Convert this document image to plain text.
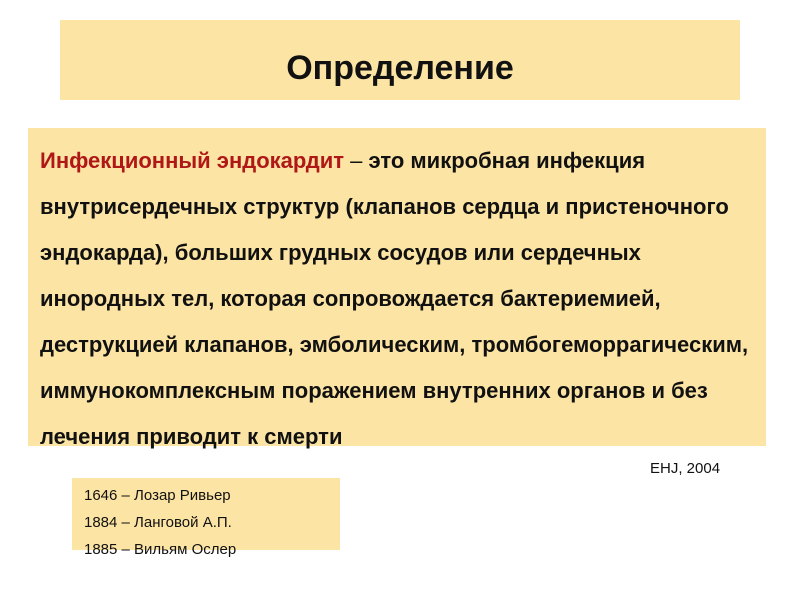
Определение
Инфекционный эндокардит – это микробная инфекция внутрисердечных структур (клапанов сердца и пристеночного эндокарда), больших грудных сосудов или сердечных инородных тел, которая сопровождается бактериемией, деструкцией клапанов, эмболическим, тромбогеморрагическим, иммунокомплексным поражением внутренних органов и без лечения приводит к смерти
EHJ, 2004
1646 – Лозар Ривьер
1884 – Ланговой А.П.
1885 – Вильям Ослер
